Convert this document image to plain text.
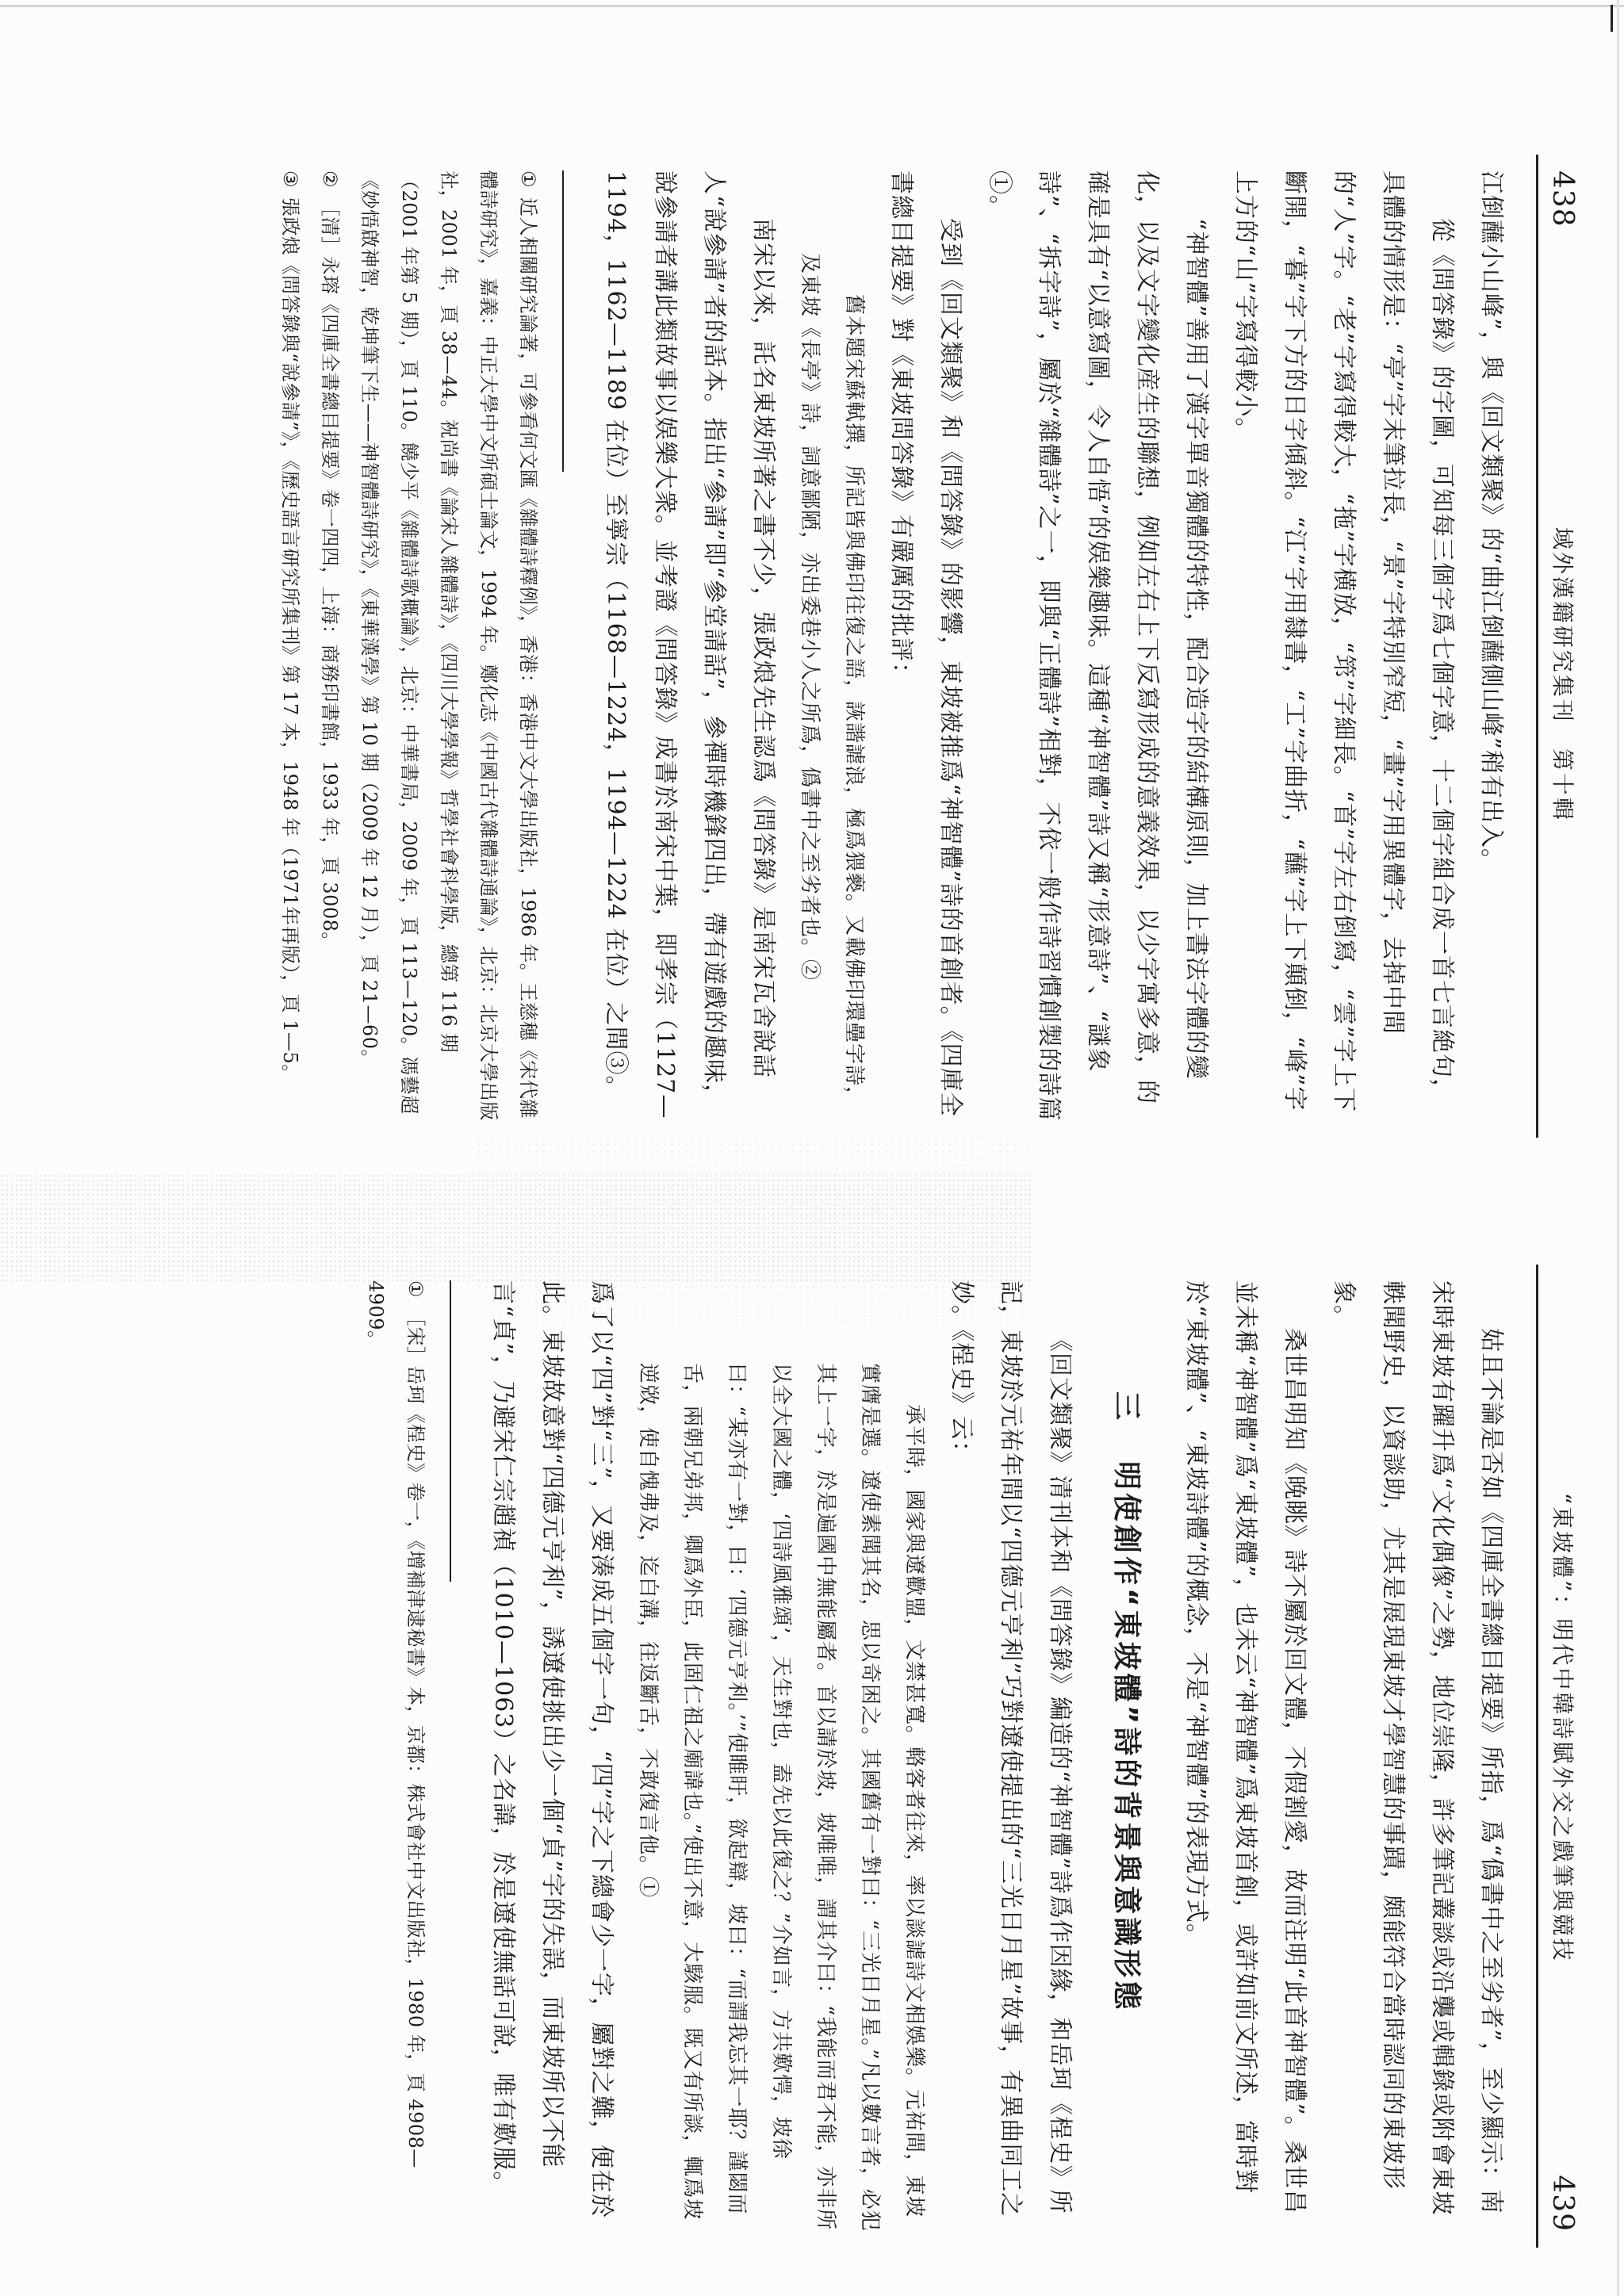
438
域外漢籍研究集刊　第十輯

江倒蘸小山峰”，與《回文類聚》的“曲江倒蘸側山峰”稍有出入。

從《問答錄》的字圖，可知每三個字爲七個字意，十二個字組合成一首七言絶句，具體的情形是：“亭”字末筆拉長，“景”字特別窄短，“畫”字用異體字，去掉中間的“人”字。“老”字寫得較大，“拖”字横放，“筇”字細長。“首”字左右倒寫，“雲”字上下斷開，“暮”字下方的日字傾斜。“江”字用隸書，“工”字曲折，“蘸”字上下顛倒，“峰”字上方的“山”字寫得較小。

“神智體”善用了漢字單音獨體的特性，配合造字的結構原則，加上書法字體的變化，以及文字變化産生的聯想，例如左右上下反寫形成的意義效果，以少字寓多意，的確是具有“以意寫圖，令人自悟”的娱樂趣味。這種“神智體”詩又稱“形意詩”、“謎象詩”、“拆字詩”，屬於“雜體詩”之一，即與“正體詩”相對，不依一般作詩習慣創製的詩篇①。

受到《回文類聚》和《問答錄》的影響，東坡被推爲“神智體”詩的首創者。《四庫全書總目提要》對《東坡問答錄》有嚴厲的批評：

舊本題宋蘇軾撰，所記皆與佛印往復之語，詼諧謔浪，極爲猥褻。又載佛印環壘字詩，及東坡《長亭》詩，詞意鄙陋，亦出委巷小人之所爲，僞書中之至劣者也。②

南宋以來，託名東坡所著之書不少，張政烺先生認爲《問答錄》是南宋瓦舍說話人“說參請”者的話本。指出“參請”即“參堂請話”，參禪時機鋒四出，帶有遊戲的趣味，說參請者講此類故事以娱樂大衆。並考證《問答錄》成書於南宋中葉，即孝宗（1127—1194，1162—1189 在位）至寧宗（1168—1224，1194—1224 在位）之間③。

①近人相關研究論著，可參看何文匯《雜體詩釋例》，香港：香港中文大學出版社，1986 年。王慈穗《宋代雜體詩研究》，嘉義：中正大學中文所碩士論文，1994 年。鄭化志《中國古代雜體詩通論》，北京：北京大學出版社，2001 年，頁 38—44。祝尚書《論宋人雜體詩》，《四川大學學報》哲學社會科學版，總第 116 期（2001 年第 5 期），頁 110。饒少平《雜體詩歌概論》，北京：中華書局，2009 年，頁 113—120。馮藝超《妙悟啟神智，乾坤筆下生——神智體詩研究》，《東華漢學》第 10 期（2009 年 12 月），頁 21—60。

②［清］永瑢《四庫全書總目提要》卷一四四，上海：商務印書館，1933 年，頁 3008。

③張政烺《問答錄與“說參請”》，《歷史語言研究所集刊》第 17 本，1948 年（1971年再版），頁 1—5。

“東坡體”：明代中韓詩賦外交之戲筆與競技
439

姑且不論是否如《四庫全書總目提要》所指，爲“僞書中之至劣者”，至少顯示：南宋時東坡有躍升爲“文化偶像”之勢，地位崇隆，許多筆記叢談或沿襲或輯錄或附會東坡軼聞野史，以資談助，尤其是展現東坡才學智慧的事蹟，頗能符合當時認同的東坡形象。

桑世昌明知《晚眺》詩不屬於回文體，不假割愛，故而注明“此首神智體”。桑世昌並未稱“神智體”爲“東坡體”，也未云“神智體”爲東坡首創，或許如前文所述，當時對於“東坡體”、“東坡詩體”的概念，不是“神智體”的表現方式。

三明使創作“東坡體”詩的背景與意識形態

《回文類聚》清刊本和《問答錄》編造的“神智體”詩爲作因緣，和岳珂《桯史》所記，東坡於元祐年間以“四德元亨利”巧對遼使提出的“三光日月星”故事，有異曲同工之妙。《桯史》云：

承平時，國家與遼歡盟，文禁甚寬。輅客者往來，率以談謔詩文相娛樂。元祐間，東坡實膺是選。遼使素聞其名，思以奇困之。其國舊有一對曰：“三光日月星。”凡以數言者，必犯其上一字，於是遍國中無能屬者。首以請於坡，坡唯唯，謂其介曰：“我能而君不能，亦非所以全大國之體，‘四詩風雅頌’，天生對也，盍先以此復之？”介如言，方共歎愕，坡徐曰：“某亦有一對，曰：‘四德元亨利。’”使睢盱，欲起辯，坡曰：“而謂我忘其一耶？謹閟而舌，兩朝兄弟邦，卿爲外臣，此固仁祖之廟諱也。”使出不意，大駭服。既又有所談，輒爲坡逆敚，使自愧弗及，迄白溝，往返斷舌，不敢復言他。①

爲了以“四”對“三”，又要湊成五個字一句，“四”字之下總會少一字，屬對之難，便在於此。東坡故意對“四德元亨利”，誘遼使挑出少一個“貞”字的失誤，而東坡所以不能言“貞”，乃避宋仁宗趙禎（1010—1063）之名諱，於是遼使無話可說，唯有歎服。

①［宋］岳珂《桯史》卷一，《增補津逮秘書》本，京都：株式會社中文出版社，1980 年，頁 4908—4909。
